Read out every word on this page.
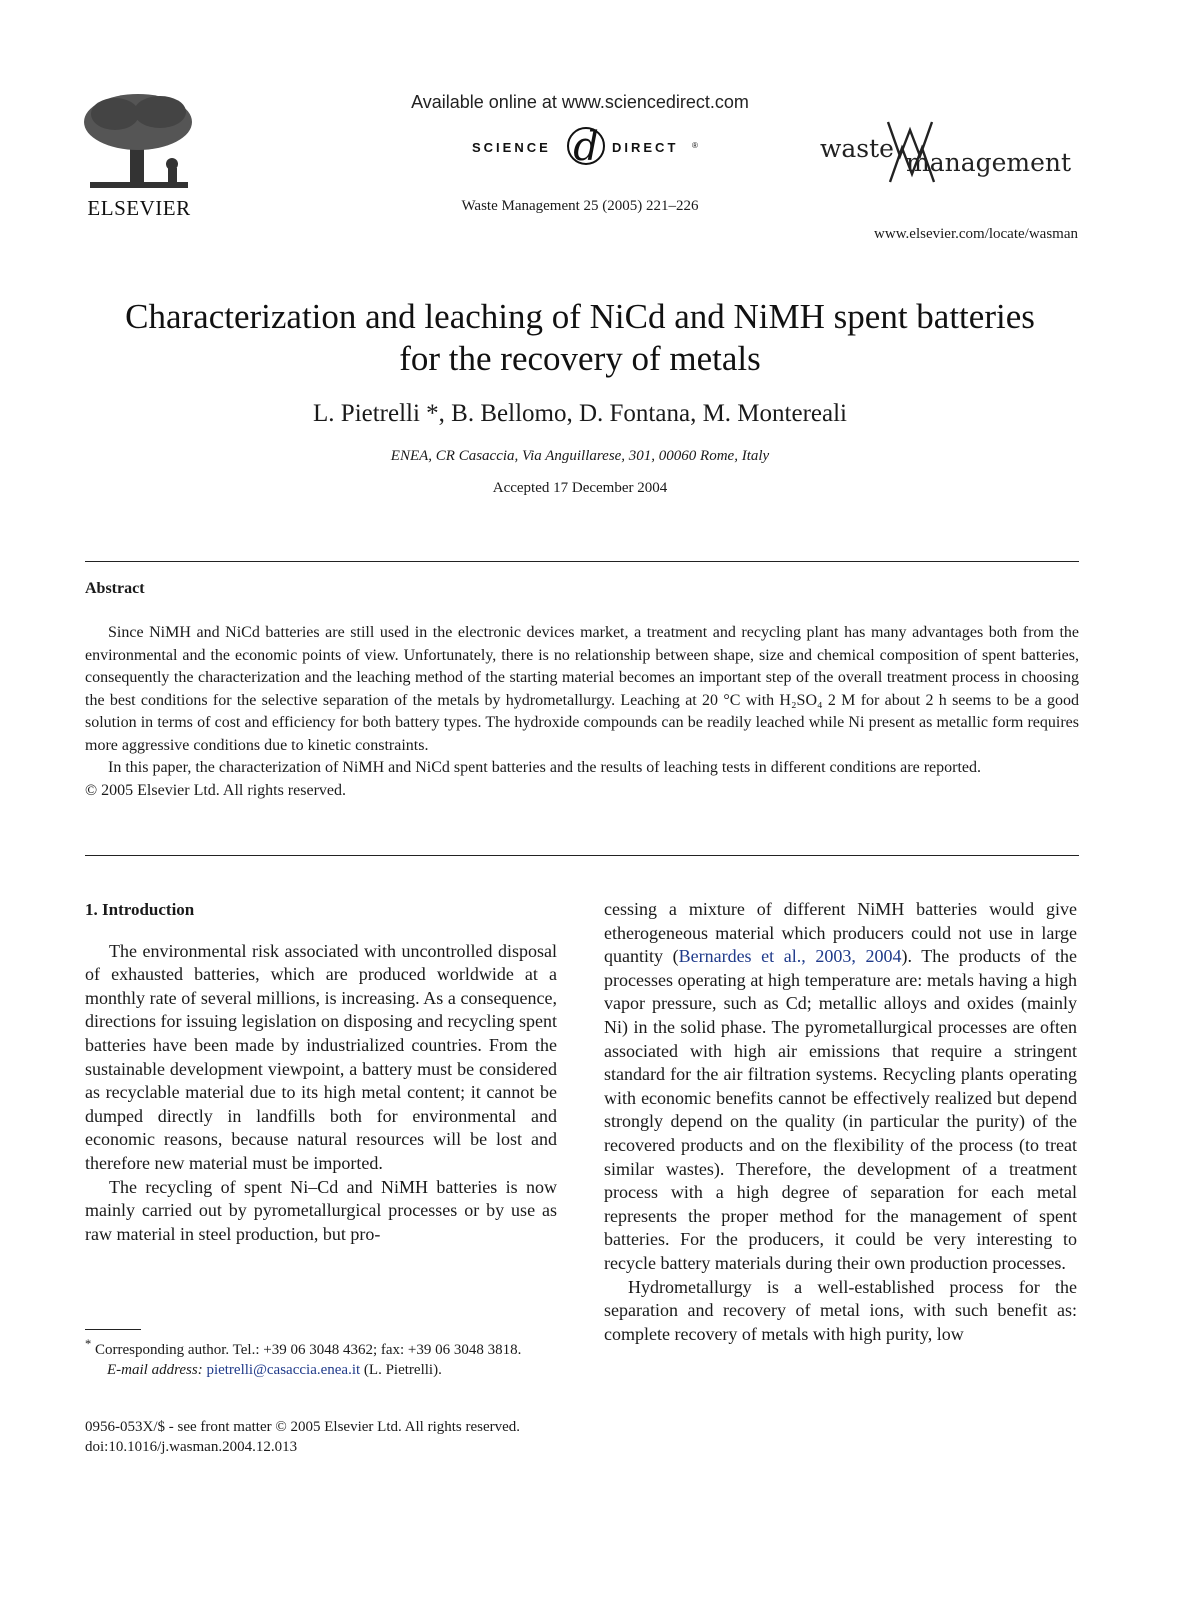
ELSEVIER
Available online at www.sciencedirect.com
SCIENCE d DIRECT ®
Waste Management 25 (2005) 221–226
waste management
www.elsevier.com/locate/wasman
Characterization and leaching of NiCd and NiMH spent batteries
for the recovery of metals
L. Pietrelli *, B. Bellomo, D. Fontana, M. Montereali
ENEA, CR Casaccia, Via Anguillarese, 301, 00060 Rome, Italy
Accepted 17 December 2004
Abstract

Since NiMH and NiCd batteries are still used in the electronic devices market, a treatment and recycling plant has many advantages both from the environmental and the economic points of view. Unfortunately, there is no relationship between shape, size and chemical composition of spent batteries, consequently the characterization and the leaching method of the starting material becomes an important step of the overall treatment process in choosing the best conditions for the selective separation of the metals by hydrometallurgy. Leaching at 20 °C with H₂SO₄ 2 M for about 2 h seems to be a good solution in terms of cost and efficiency for both battery types. The hydroxide compounds can be readily leached while Ni present as metallic form requires more aggressive conditions due to kinetic constraints.

In this paper, the characterization of NiMH and NiCd spent batteries and the results of leaching tests in different conditions are reported.

© 2005 Elsevier Ltd. All rights reserved.

1. Introduction

The environmental risk associated with uncontrolled disposal of exhausted batteries, which are produced worldwide at a monthly rate of several millions, is increasing. As a consequence, directions for issuing legislation on disposing and recycling spent batteries have been made by industrialized countries. From the sustainable development viewpoint, a battery must be considered as recyclable material due to its high metal content; it cannot be dumped directly in landfills both for environmental and economic reasons, because natural resources will be lost and therefore new material must be imported.

The recycling of spent Ni–Cd and NiMH batteries is now mainly carried out by pyrometallurgical processes or by use as raw material in steel production, but pro-

cessing a mixture of different NiMH batteries would give etherogeneous material which producers could not use in large quantity (Bernardes et al., 2003, 2004). The products of the processes operating at high temperature are: metals having a high vapor pressure, such as Cd; metallic alloys and oxides (mainly Ni) in the solid phase. The pyrometallurgical processes are often associated with high air emissions that require a stringent standard for the air filtration systems. Recycling plants operating with economic benefits cannot be effectively realized but depend strongly depend on the quality (in particular the purity) of the recovered products and on the flexibility of the process (to treat similar wastes). Therefore, the development of a treatment process with a high degree of separation for each metal represents the proper method for the management of spent batteries. For the producers, it could be very interesting to recycle battery materials during their own production processes.

Hydrometallurgy is a well-established process for the separation and recovery of metal ions, with such benefit as: complete recovery of metals with high purity, low

* Corresponding author. Tel.: +39 06 3048 4362; fax: +39 06 3048 3818.

E-mail address: pietrelli@casaccia.enea.it (L. Pietrelli).

0956-053X/$ - see front matter © 2005 Elsevier Ltd. All rights reserved.
doi:10.1016/j.wasman.2004.12.013
